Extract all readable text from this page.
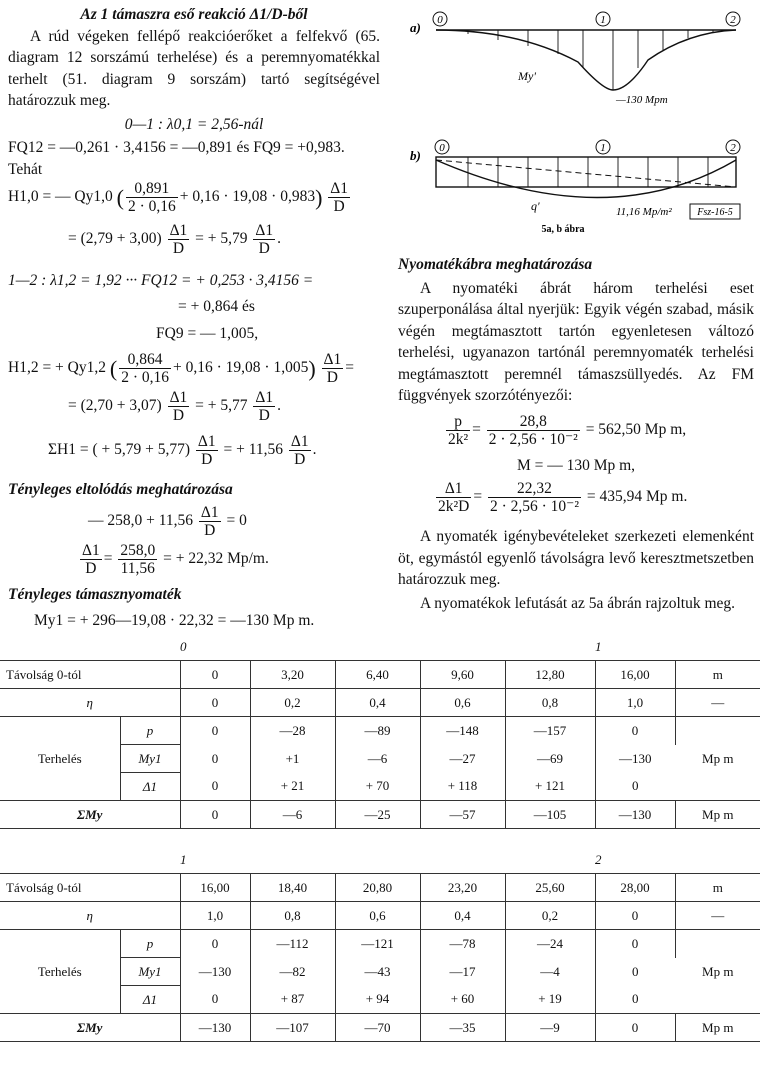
Az 1 támaszra eső reakció Δ1/D-ből

A rúd végeken fellépő reakcióerőket a felfekvő (65. diagram 12 sorszámú terhelése) és a peremnyomatékkal terhelt (51. diagram 9 sorszám) tartó segítségével határozzuk meg.

0—1 : λ0,1 = 2,56-nál

FQ12 = —0,261 · 3,4156 = —0,891 és FQ9 = +0,983.

Tehát

H1,0 = — Qy1,0 ( $\frac{0,891}{2 \cdot 0,16} + 0,16 \cdot 19,08 \cdot 0,983) \frac{\Delta 1}{D}$

= $(2,79 + 3,00) \frac{\Delta 1}{D}$ = + $5,79 \frac{\Delta 1}{D}$ .

1—2 : λ1,2 = 1,92 ··· FQ12 = + 0,253 · 3,4156 =

= + 0,864 és

FQ9 = — 1,005,

H1,2 = + Qy1,2 ( $\frac{0,864}{2 \cdot 0,16} + 0,16 \cdot 19,08 \cdot 1,005) \frac{\Delta 1}{D}$ =

= $(2,70 + 3,07) \frac{\Delta 1}{D}$ = + $5,77 \frac{\Delta 1}{D}$ .

ΣH1 = ( + $5,79 + 5,77) \frac{\Delta 1}{D}$ = + $11,56 \frac{\Delta 1}{D}$ .

Tényleges eltolódás meghatározása

— $258,0 + 11,56 \frac{\Delta 1}{D} = 0$

$\frac{\Delta 1}{D} = \frac{258,0}{11,56}$ = + 22,32 Mp/m.

Tényleges támasznyomaték

My1 = + 296—19,08 · 22,32 = —130 Mp m.

a) 0	1	2
My'
—130 Mpm
b) 0	1	2
q'	11,16 Mp/m²	Fsz-16-5
5a, b ábra

Nyomatékábra meghatározása

A nyomatéki ábrát három terhelési eset szuperponálása által nyerjük: Egyik végén szabad, másik végén megtámasztott tartón egyenletesen változó terhelési, ugyanazon tartónál peremnyomaték terhelési megtámasztott peremnél támaszsüllyedés. Az FM függvények szorzótényezői:

$\frac{p}{\text{2k²}} = \frac{28,8}{\text{2 · 2,56 · 10⁻²}} = 562,50$ Mp m,

M = — 130 Mp m,

$\frac{\Delta 1}{\text{2k²D}} = \frac{22,32}{\text{2 · 2,56 · 10⁻²}} = 435,94$ Mp m.

A nyomaték igénybevételeket szerkezeti elemenként öt, egymástól egyenlő távolságra levő keresztmetszetben határozzuk meg.

A nyomatékok lefutását az 5a ábrán rajzoltuk meg.

		0					1	
Távolság 0-tól		0	3,20	6,40	9,60	12,80	16,00	m
η		0	0,2	0,4	0,6	0,8	1,0	—
Terhelés	p	0	—28	—89	—148	—157	0	Mp m
	My1	0	+1	—6	—27	—69	—130	
	Δ1	0	+ 21	+ 70	+ 118	+ 121	0	
ΣMy		0	—6	—25	—57	—105	—130	Mp m
		1					2	
Távolság 0-tól		16,00	18,40	20,80	23,20	25,60	28,00	m
η		1,0	0,8	0,6	0,4	0,2	0	—
Terhelés	p	0	—112	—121	—78	—24	0	Mp m
	My1	—130	—82	—43	—17	—4	0	
	Δ1	0	+ 87	+ 94	+ 60	+ 19	0	
ΣMy		—130	—107	—70	—35	—9	0	Mp m
